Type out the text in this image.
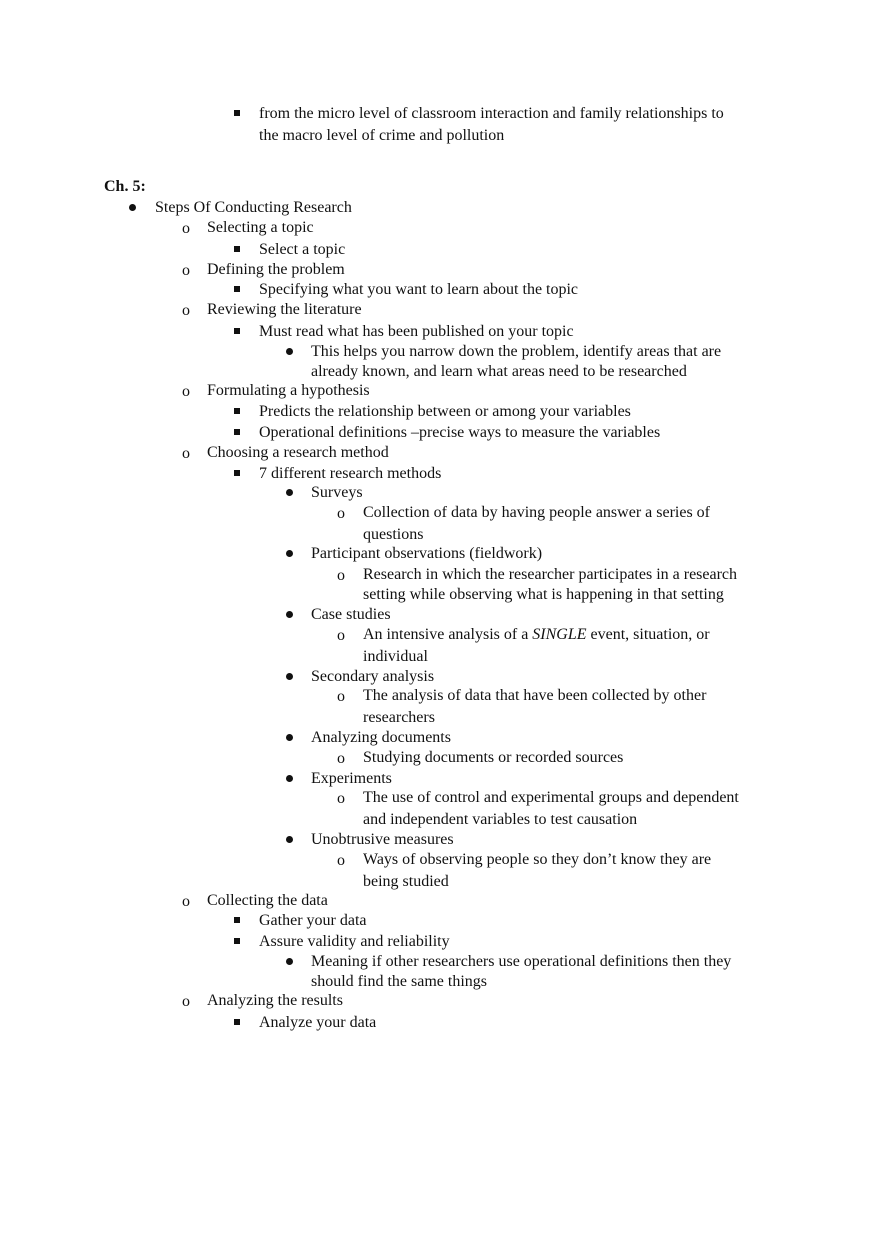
from the micro level of classroom interaction and family relationships to
the macro level of crime and pollution
Ch. 5:
Steps Of Conducting Research
o Selecting a topic
Select a topic
o Defining the problem
Specifying what you want to learn about the topic
o Reviewing the literature
Must read what has been published on your topic
This helps you narrow down the problem, identify areas that are
already known, and learn what areas need to be researched
o Formulating a hypothesis
Predicts the relationship between or among your variables
Operational definitions –precise ways to measure the variables
o Choosing a research method
7 different research methods
Surveys
o Collection of data by having people answer a series of
questions
Participant observations (fieldwork)
o Research in which the researcher participates in a research
setting while observing what is happening in that setting
Case studies
o An intensive analysis of a SINGLE event, situation, or
individual
Secondary analysis
o The analysis of data that have been collected by other
researchers
Analyzing documents
o Studying documents or recorded sources
Experiments
o The use of control and experimental groups and dependent
and independent variables to test causation
Unobtrusive measures
o Ways of observing people so they don’t know they are
being studied
o Collecting the data
Gather your data
Assure validity and reliability
Meaning if other researchers use operational definitions then they
should find the same things
o Analyzing the results
Analyze your data
